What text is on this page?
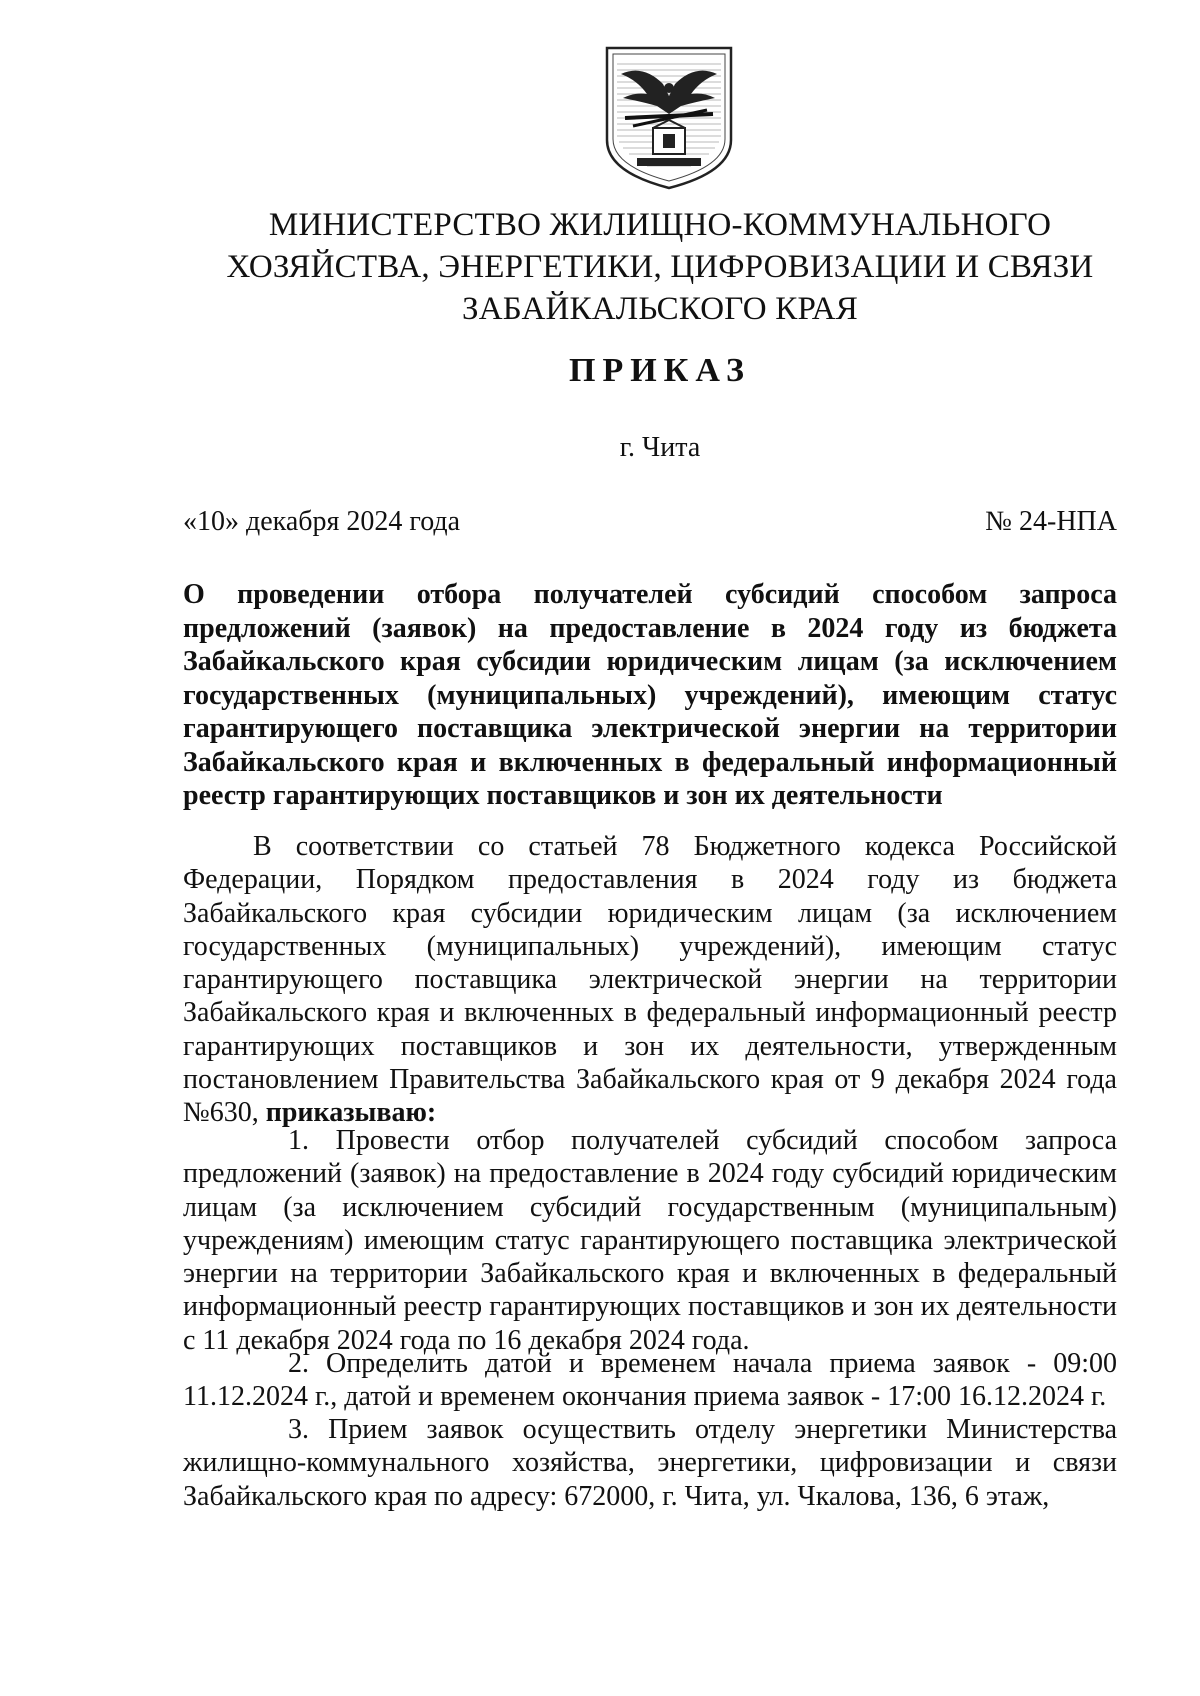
МИНИСТЕРСТВО ЖИЛИЩНО-КОММУНАЛЬНОГО
ХОЗЯЙСТВА, ЭНЕРГЕТИКИ, ЦИФРОВИЗАЦИИ И СВЯЗИ
ЗАБАЙКАЛЬСКОГО КРАЯ
ПРИКАЗ
г. Чита
«10» декабря 2024 года	№ 24-НПА
О проведении отбора получателей субсидий способом запроса предложений (заявок) на предоставление в 2024 году из бюджета Забайкальского края субсидии юридическим лицам (за исключением государственных (муниципальных) учреждений), имеющим статус гарантирующего поставщика электрической энергии на территории Забайкальского края и включенных в федеральный информационный
реестр гарантирующих поставщиков и зон их деятельности
В соответствии со статьей 78 Бюджетного кодекса Российской Федерации, Порядком предоставления в 2024 году из бюджета Забайкальского края субсидии юридическим лицам (за исключением государственных (муниципальных) учреждений), имеющим статус гарантирующего поставщика электрической энергии на территории Забайкальского края и включенных в федеральный информационный реестр гарантирующих поставщиков и зон их деятельности, утвержденным постановлением Правительства Забайкальского края от 9 декабря 2024 года №630, приказываю:
1. Провести отбор получателей субсидий способом запроса предложений (заявок) на предоставление в 2024 году субсидий юридическим лицам (за исключением субсидий государственным (муниципальным) учреждениям) имеющим статус гарантирующего поставщика электрической энергии на территории Забайкальского края и включенных в федеральный информационный реестр гарантирующих поставщиков и зон их деятельности с 11 декабря 2024 года по 16 декабря 2024 года.
2. Определить датой и временем начала приема заявок - 09:00 11.12.2024 г., датой и временем окончания приема заявок - 17:00 16.12.2024 г.
3. Прием заявок осуществить отделу энергетики Министерства жилищно-коммунального хозяйства, энергетики, цифровизации и связи Забайкальского края по адресу: 672000, г. Чита, ул. Чкалова, 136, 6 этаж,
